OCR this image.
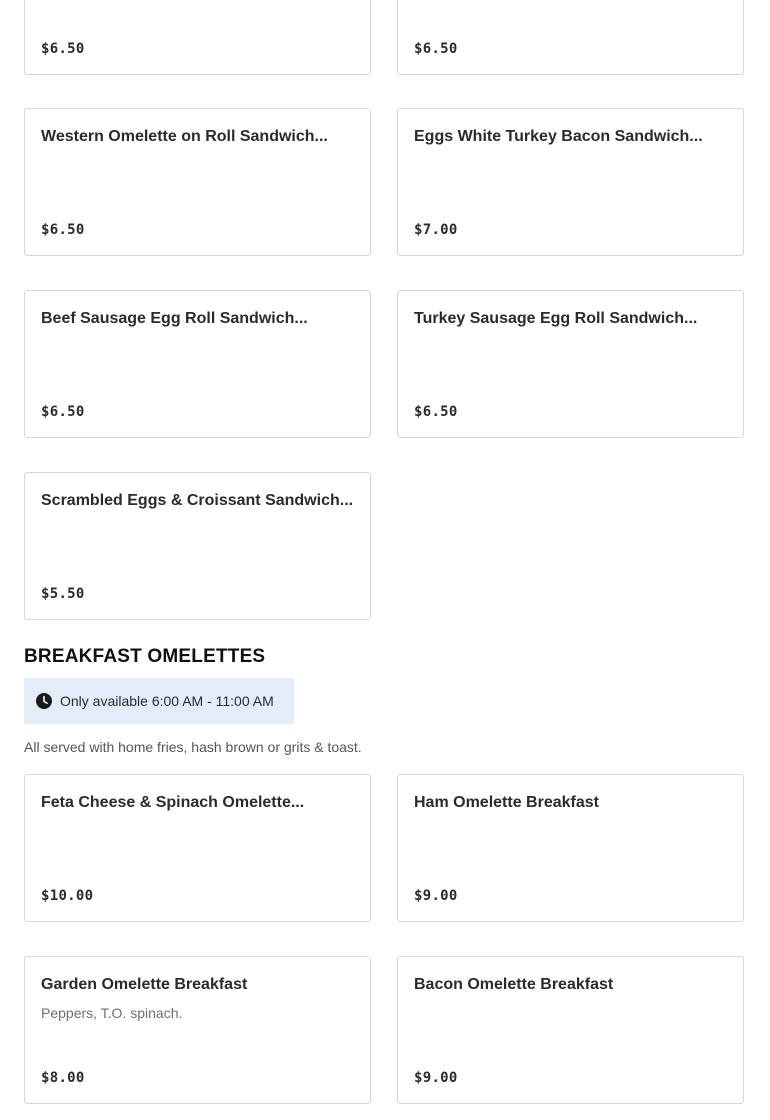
$6.50	$6.50
Western Omelette on Roll Sandwich...
$6.50
Eggs White Turkey Bacon Sandwich...
$7.00
Beef Sausage Egg Roll Sandwich...
$6.50
Turkey Sausage Egg Roll Sandwich...
$6.50
Scrambled Eggs & Croissant Sandwich...
$5.50
BREAKFAST OMELETTES
Only available 6:00 AM - 11:00 AM
All served with home fries, hash brown or grits & toast.
Feta Cheese & Spinach Omelette...
$10.00
Ham Omelette Breakfast
$9.00
Garden Omelette Breakfast
Peppers, T.O. spinach.
$8.00
Bacon Omelette Breakfast
$9.00
